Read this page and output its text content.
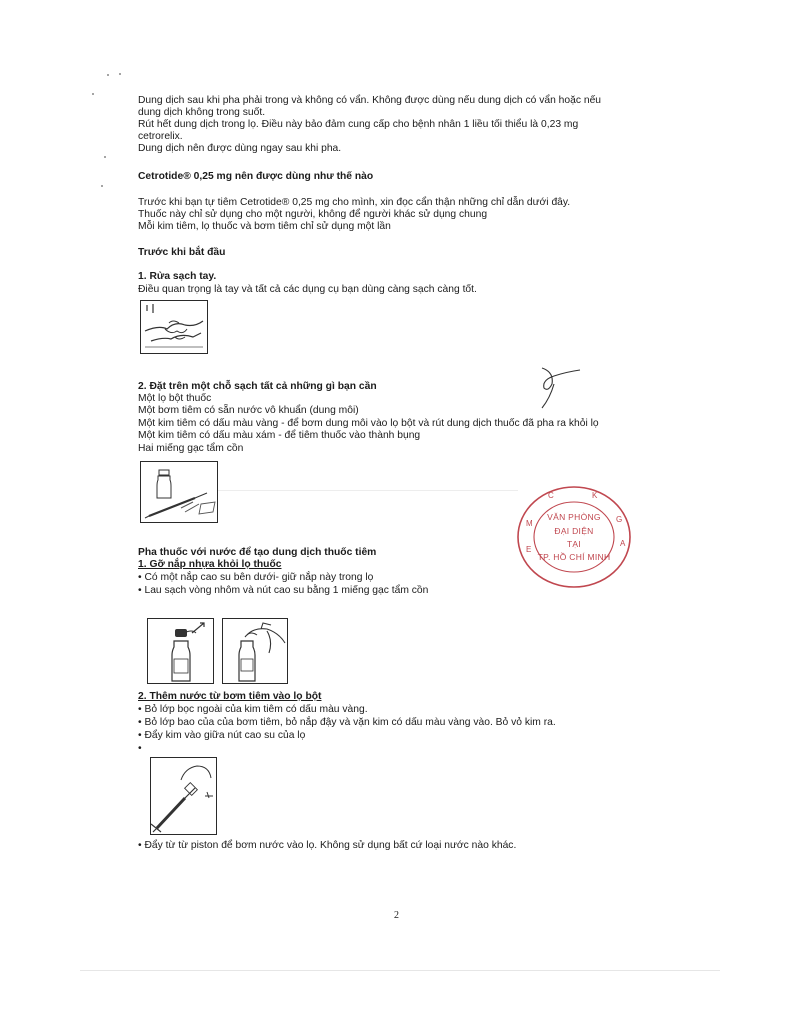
Dung dịch sau khi pha phải trong và không có vẩn. Không được dùng nếu dung dịch có vẩn hoặc nếu
dung dịch không trong suốt.
Rút hết dung dịch trong lọ. Điều này bảo đảm cung cấp cho bệnh nhân 1 liều tối thiểu là 0,23 mg
cetrorelix.
Dung dịch nên được dùng ngay sau khi pha.
Cetrotide® 0,25 mg nên được dùng như thế nào
Trước khi bạn tự tiêm Cetrotide® 0,25 mg cho mình, xin đọc cẩn thận những chỉ dẫn dưới đây.
Thuốc này chỉ sử dụng cho một người, không để người khác sử dụng chung
Mỗi kim tiêm, lọ thuốc và bơm tiêm chỉ sử dụng một lần
Trước khi bắt đầu
1. Rửa sạch tay.
Điều quan trọng là tay và tất cả các dụng cụ bạn dùng càng sạch càng tốt.
2. Đặt trên một chỗ sạch tất cả những gì bạn cần
Một lọ bột thuốc
Một bơm tiêm có sẵn nước vô khuẩn (dung môi)
Một kim tiêm có dấu màu vàng - để bơm dung môi vào lọ bột và rút dung dịch thuốc đã pha ra khỏi lọ
Một kim tiêm có dấu màu xám - để tiêm thuốc vào thành bụng
Hai miếng gạc tẩm cồn
M
C	K
G
A
E
VĂN PHÒNG
ĐẠI DIỆN
TẠI
TP. HỒ CHÍ MINH
Pha thuốc với nước để tạo dung dịch thuốc tiêm
1. Gỡ nắp nhựa khỏi lọ thuốc
• Có một nắp cao su bên dưới- giữ nắp này trong lọ
• Lau sạch vòng nhôm và nút cao su bằng 1 miếng gạc tẩm cồn
2. Thêm nước từ bơm tiêm vào lọ bột
• Bỏ lớp bọc ngoài của kim tiêm có dấu màu vàng.
• Bỏ lớp bao của của bơm tiêm, bỏ nắp đậy và vặn kim có dấu màu vàng vào. Bỏ vỏ kim ra.
• Đẩy kim vào giữa nút cao su của lọ
•
• Đẩy từ từ piston để bơm nước vào lọ. Không sử dụng bất cứ loại nước nào khác.
2
